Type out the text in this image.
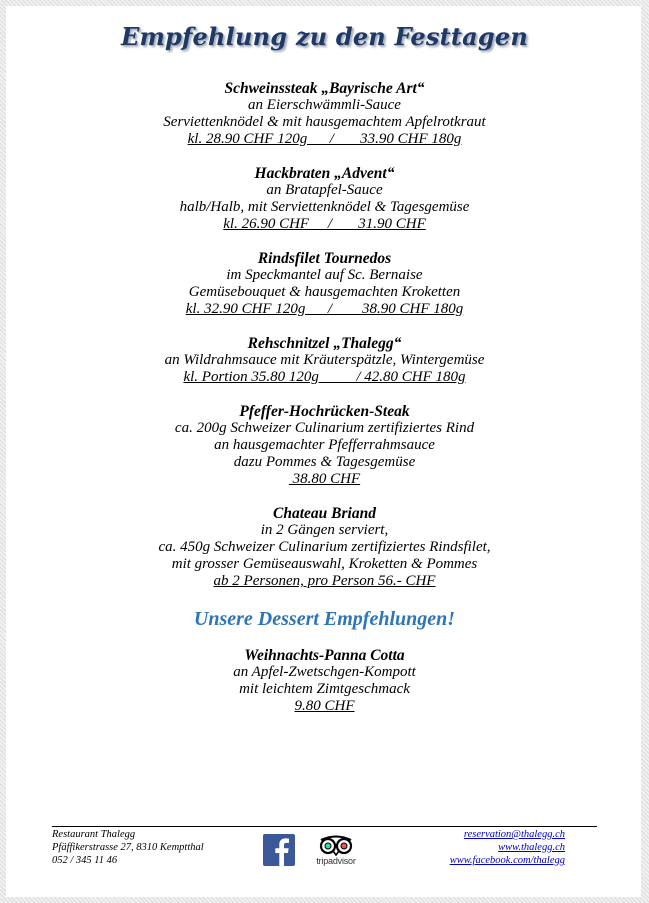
Empfehlung zu den Festtagen
Schweinssteak „Bayrische Art“
an Eierschwämmli-Sauce
Serviettenknödel & mit hausgemachtem Apfelrotkraut
kl. 28.90 CHF 120g      /       33.90 CHF 180g
Hackbraten „Advent“
an Bratapfel-Sauce
halb/Halb, mit Serviettenknödel & Tagesgemüse
kl. 26.90 CHF     /       31.90 CHF
Rindsfilet Tournedos
im Speckmantel auf Sc. Bernaise
Gemüsebouquet & hausgemachten Kroketten
kl. 32.90 CHF 120g      /        38.90 CHF 180g
Rehschnitzel „Thalegg“
an Wildrahmsauce mit Kräuterspätzle, Wintergemüse
kl. Portion 35.80 120g          / 42.80 CHF 180g
Pfeffer-Hochrücken-Steak
ca. 200g Schweizer Culinarium zertifiziertes Rind
an hausgemachter Pfefferrahmsauce
dazu Pommes & Tagesgemüse
38.80 CHF
Chateau Briand
in 2 Gängen serviert,
ca. 450g Schweizer Culinarium zertifiziertes Rindsfilet,
mit grosser Gemüseauswahl, Kroketten & Pommes
ab 2 Personen, pro Person 56.- CHF
Unsere Dessert Empfehlungen!
Weihnachts-Panna Cotta
an Apfel-Zwetschgen-Kompott
mit leichtem Zimtgeschmack
9.80 CHF
Restaurant Thalegg
Pfäffikerstrasse 27, 8310 Kemptthal
052 / 345 11 46	tripadvisor
reservation@thalegg.ch
www.thalegg.ch
www.facebook.com/thalegg
